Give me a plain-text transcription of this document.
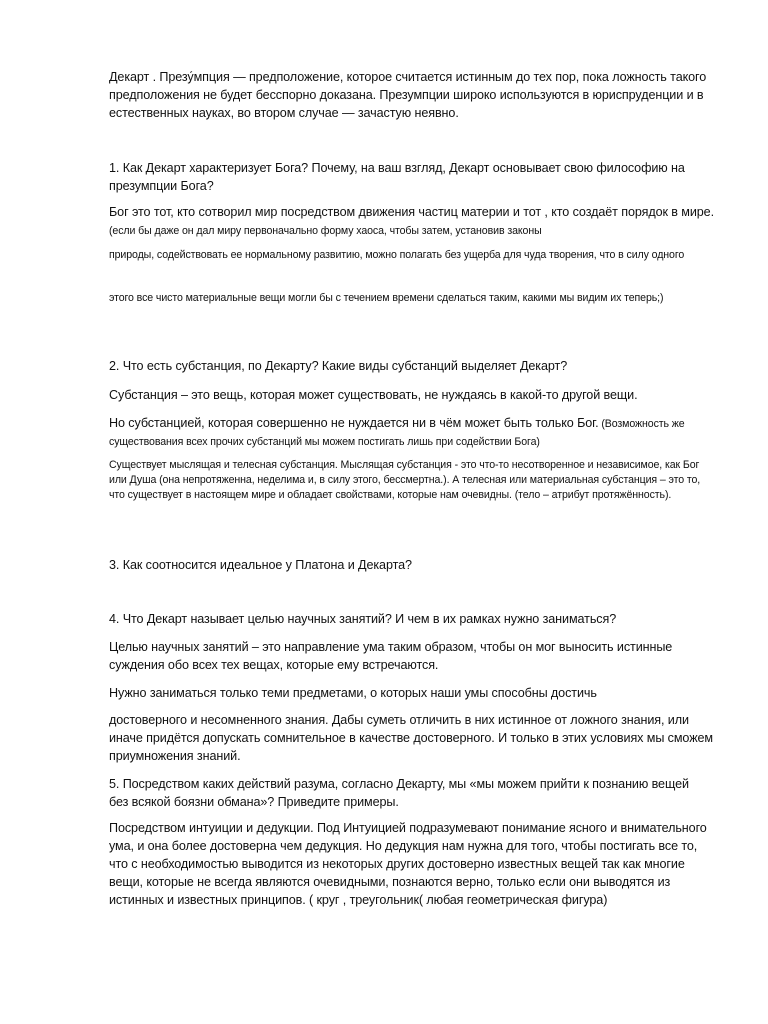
Декарт . Презу́мпция — предположение, которое считается истинным до тех пор, пока ложность такого предположения не будет бесспорно доказана. Презумпции широко используются в юриспруденции и в естественных науках, во втором случае — зачастую неявно.

1. Как Декарт характеризует Бога? Почему, на ваш взгляд, Декарт основывает свою философию на презумпции Бога?

Бог это тот, кто сотворил мир посредством движения частиц материи и тот , кто создаёт порядок в мире. (если бы даже он дал миру первоначально форму хаоса, чтобы затем, установив законы

природы, содействовать ее нормальному развитию, можно полагать без ущерба для чуда творения, что в силу одного

этого все чисто материальные вещи могли бы с течением времени сделаться таким, какими мы видим их теперь;)

2. Что есть субстанция, по Декарту? Какие виды субстанций выделяет Декарт?

Субстанция – это вещь, которая может существовать, не нуждаясь в какой-то другой вещи.

Но субстанцией, которая совершенно не нуждается ни в чём может быть только Бог. (Возможность же существования всех прочих субстанций мы можем постигать лишь при содействии Бога)

Существует мыслящая и телесная субстанция. Мыслящая субстанция - это что-то несотворенное и независимое, как Бог или Душа (она непротяженна, неделима и, в силу этого, бессмертна.). А телесная или материальная субстанция – это то, что существует в настоящем мире и обладает свойствами, которые нам очевидны. (тело – атрибут протяжённость).

3. Как соотносится идеальное у Платона и Декарта?

4. Что Декарт называет целью научных занятий? И чем в их рамках нужно заниматься?

Целью научных занятий – это направление ума таким образом, чтобы он мог выносить истинные суждения обо всех тех вещах, которые ему встречаются.

Нужно заниматься только теми предметами, о которых наши умы способны достичь

достоверного и несомненного знания. Дабы суметь отличить в них истинное от ложного знания, или иначе придётся допускать сомнительное в качестве достоверного. И только в этих условиях мы сможем приумножения знаний.

5. Посредством каких действий разума, согласно Декарту, мы «мы можем прийти к познанию вещей без всякой боязни обмана»? Приведите примеры.

Посредством интуиции и дедукции. Под Интуицией подразумевают понимание ясного и внимательного ума, и она более достоверна чем дедукция. Но дедукция нам нужна для того, чтобы постигать все то, что с необходимостью выводится из некоторых других достоверно известных вещей так как многие вещи, которые не всегда являются очевидными, познаются верно, только если они выводятся из истинных и известных принципов. ( круг , треугольник( любая геометрическая фигура)
